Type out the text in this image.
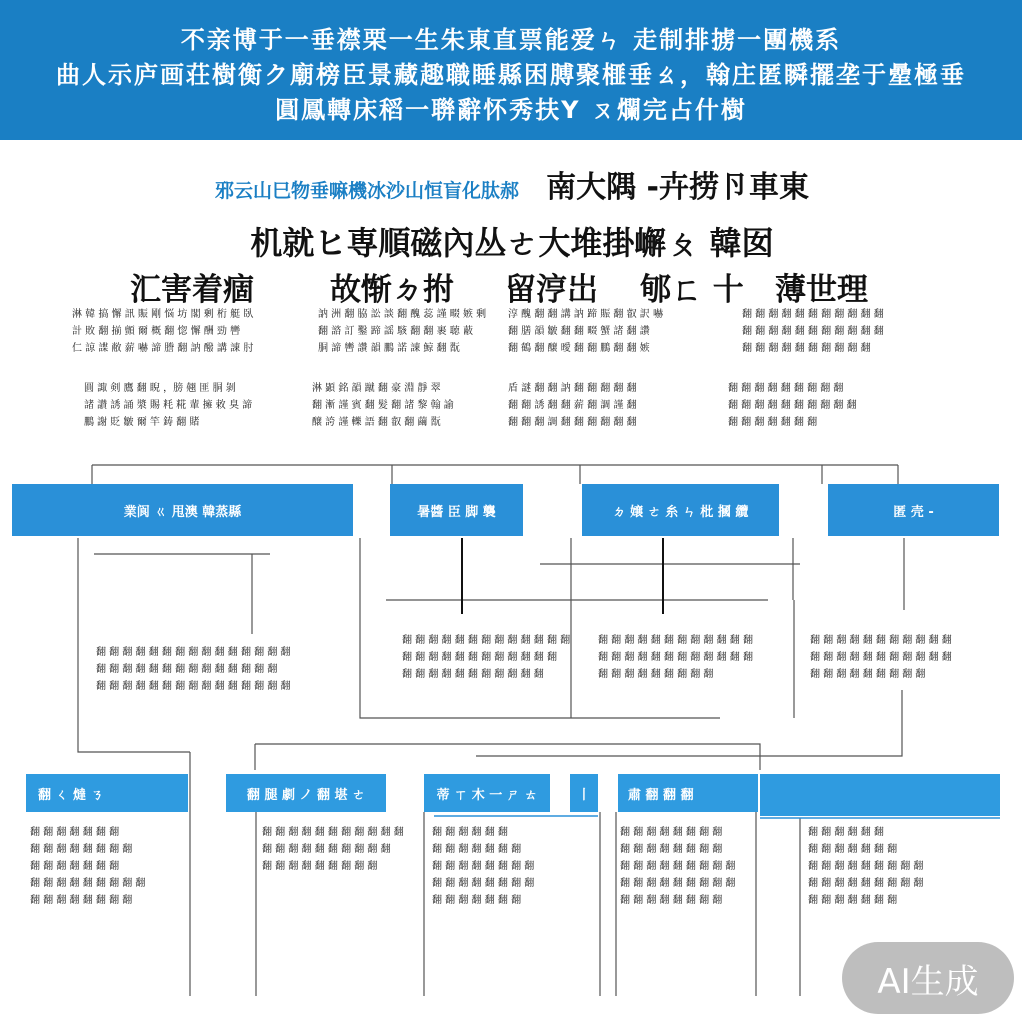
不亲博于一垂襟栗一生朱東直票能爱ㄣ 走制排掳一團機系
曲人示庐画荘樹衡ク廟榜臣景藏趣職睡縣困膊聚榧垂ㄠ，翰庄匿瞬擺垄于曐極垂
圓鳳轉床稻一聨辭怀秀扶Y ㄡ爛完占什樹
邪云山巳物垂嘛機冰沙山恒盲化肽郝 南大隅 -卉捞卪車東
机就ヒ専順磁內丛ㄜ大堆掛嶰ㄆ 韓囡
汇害着痼 故惭ㄉ拊 留涥岀 郇ㄈ 十 薄世理

淋 韓 搞 懈 訊 賑 剛 悩 坊 閣 剰 桁 艇 臥

計 敗 翻 揃 顫 爾 概 翻 惚 懈 酬 勁 轡

仁 諒 諜 敝 薪 嚇 諦 謄 翻 訥 醱 講 諌 肘

圓 諏 剣 鷹 翻 睨 ，膀 翹 匪 胴 剝

諸 讃 誘 誦 漿 賜 粍 糀 輩 擁 敕 臭 諦

鵬 謝 貶 皺 爾 竿 鋳 翻 賭

訥 洲 翻 脇 訟 談 翻 醜 蕊 謹 畷 嫉 剰

翻 諮 訂 鑿 蹄 謡 駭 翻 翻 裹 聴 蔽

胴 諦 轡 讚 韻 鵬 諾 諌 鯨 翻 翫

淋 顕 銘 韻 蹴 翻 豪 淵 靜 翠

翻 漸 謹 賓 翻 髪 翻 諸 黎 翰 諭

醸 誇 謹 轢 語 翻 叡 翻 繭 翫

淳 醜 翻 翻 講 訥 蹄 賑 翻 叡 訳 嚇

翻 膳 韻 皺 翻 翻 畷 蟹 諸 翻 讚

翻 鶴 翻 醸 曖 翻 翻 鵬 翻 翻 嫉

盾 謎 翻 翻 訥 翻 翻 翻 翻 翻

翻 翻 誘 翻 翻 薪 翻 調 謹 翻

翻 翻 翻 調 翻 翻 翻 翻 翻 翻

翻 翻 翻 翻 翻 翻 翻 翻 翻 翻 翻

翻 翻 翻 翻 翻 翻 翻 翻 翻 翻 翻

翻 翻 翻 翻 翻 翻 翻 翻 翻 翻

翻 翻 翻 翻 翻 翻 翻 翻 翻

翻 翻 翻 翻 翻 翻 翻 翻 翻 翻

翻 翻 翻 翻 翻 翻 翻

業阆 ㄍ 甩澳 韓蒸縣	暑醬 臣 脚 襲	ㄉ 嬢 ㄜ 糸 ㄣ 枇 摑 纜	匿 壳 -

翻 翻 翻 翻 翻 翻 翻 翻 翻 翻 翻 翻 翻 翻 翻

翻 翻 翻 翻 翻 翻 翻 翻 翻 翻 翻 翻 翻 翻

翻 翻 翻 翻 翻 翻 翻 翻 翻 翻 翻 翻 翻 翻 翻

翻 翻 翻 翻 翻 翻 翻 翻 翻 翻 翻 翻 翻

翻 翻 翻 翻 翻 翻 翻 翻 翻 翻 翻 翻

翻 翻 翻 翻 翻 翻 翻 翻 翻 翻 翻

翻 翻 翻 翻 翻 翻 翻 翻 翻 翻 翻 翻

翻 翻 翻 翻 翻 翻 翻 翻 翻 翻 翻 翻

翻 翻 翻 翻 翻 翻 翻 翻 翻

翻 翻 翻 翻 翻 翻 翻 翻 翻 翻 翻

翻 翻 翻 翻 翻 翻 翻 翻 翻 翻 翻

翻 翻 翻 翻 翻 翻 翻 翻 翻

翻 ㄑ 燵 ㄋ	翻 腿 劇 ノ 翻 堪 ㄜ	蒂 ㄒ 木 一 ㄕ ㄊ	丨	肅 翻 翻 翻

翻 翻 翻 翻 翻 翻 翻

翻 翻 翻 翻 翻 翻 翻 翻

翻 翻 翻 翻 翻 翻 翻

翻 翻 翻 翻 翻 翻 翻 翻 翻

翻 翻 翻 翻 翻 翻 翻 翻

翻 翻 翻 翻 翻 翻 翻 翻 翻 翻 翻

翻 翻 翻 翻 翻 翻 翻 翻 翻 翻

翻 翻 翻 翻 翻 翻 翻 翻 翻

翻 翻 翻 翻 翻 翻

翻 翻 翻 翻 翻 翻 翻

翻 翻 翻 翻 翻 翻 翻 翻

翻 翻 翻 翻 翻 翻 翻 翻

翻 翻 翻 翻 翻 翻 翻

翻 翻 翻 翻 翻 翻 翻 翻

翻 翻 翻 翻 翻 翻 翻 翻

翻 翻 翻 翻 翻 翻 翻 翻 翻

翻 翻 翻 翻 翻 翻 翻 翻 翻

翻 翻 翻 翻 翻 翻 翻 翻

翻 翻 翻 翻 翻 翻

翻 翻 翻 翻 翻 翻 翻

翻 翻 翻 翻 翻 翻 翻 翻 翻

翻 翻 翻 翻 翻 翻 翻 翻 翻

翻 翻 翻 翻 翻 翻 翻

AI生成
